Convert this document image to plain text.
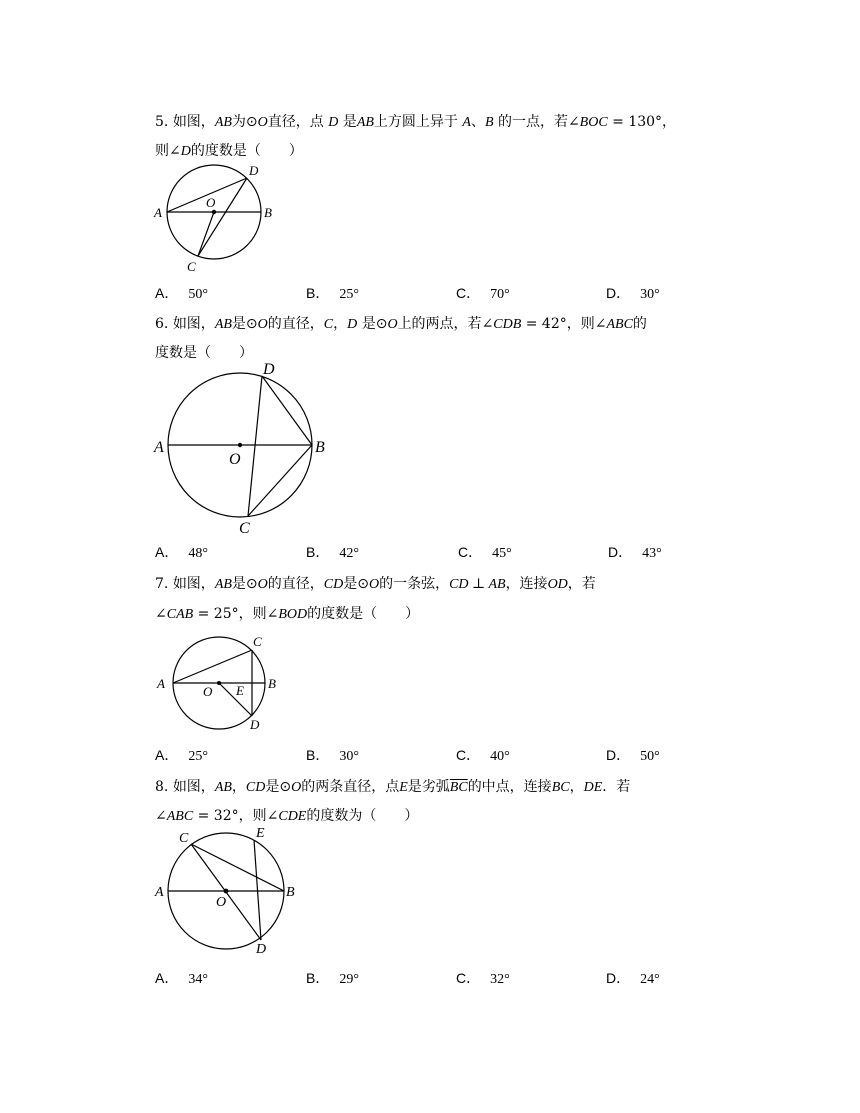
5. 如图，AB为⊙O直径，点 D 是AB上方圆上异于 A、B 的一点，若∠BOC = 130°，
则∠D的度数是（　　）
A	B
C
D
O
A． 50°	B． 25°	C． 70°	D． 30°
6. 如图，AB是⊙O的直径，C，D 是⊙O上的两点，若∠CDB = 42°，则∠ABC的
度数是（　　）
A	B
C
D
O
A． 48°	B． 42°	C． 45°	D． 43°
7. 如图，AB是⊙O的直径，CD是⊙O的一条弦，CD ⊥ AB，连接OD，若
∠CAB = 25°，则∠BOD的度数是（　　）
A	B
C
D
O E
A． 25°	B． 30°	C． 40°	D． 50°
8. 如图，AB，CD是⊙O的两条直径，点E是劣弧$\overline{BC}$的中点，连接BC，DE．若
∠ABC = 32°，则∠CDE的度数为（　　）
A	B
C
D
E
O
A． 34°	B． 29°	C． 32°	D． 24°
